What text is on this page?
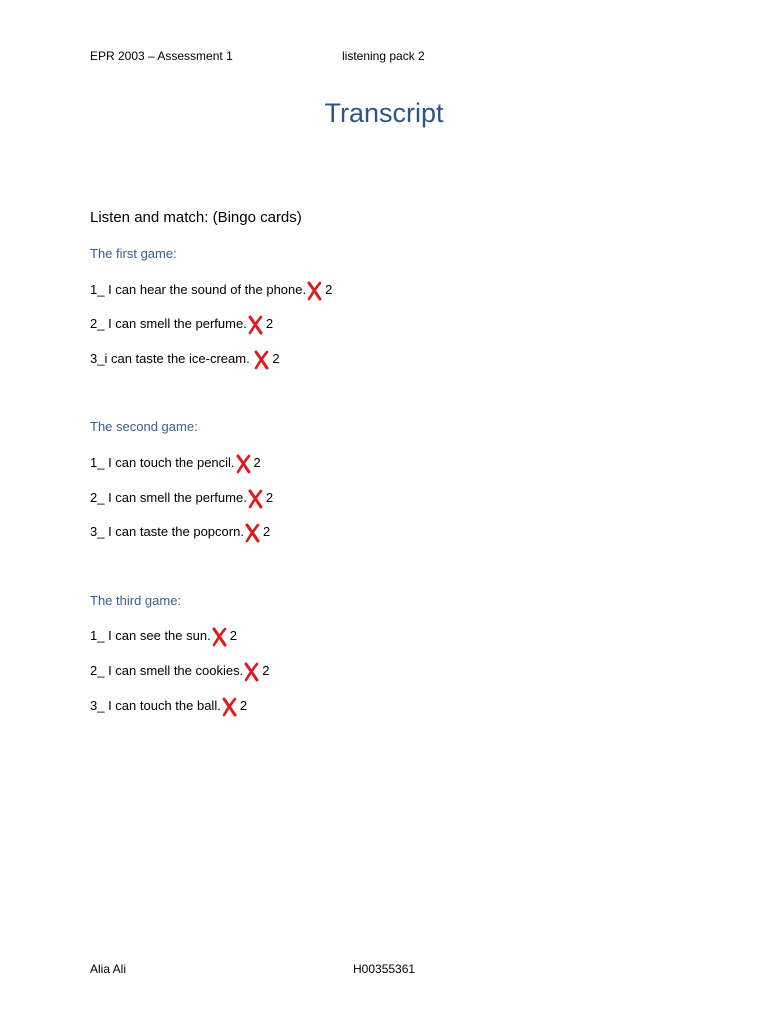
EPR 2003 – Assessment 1	listening pack 2
Transcript
Listen and match: (Bingo cards)
The first game:
1_ I can hear the sound of the phone. 2
2_ I can smell the perfume. 2
3_i can taste the ice-cream. 2
The second game:
1_ I can touch the pencil. 2
2_ I can smell the perfume. 2
3_ I can taste the popcorn. 2
The third game:
1_ I can see the sun. 2
2_ I can smell the cookies. 2
3_ I can touch the ball. 2
Alia Ali	H00355361
